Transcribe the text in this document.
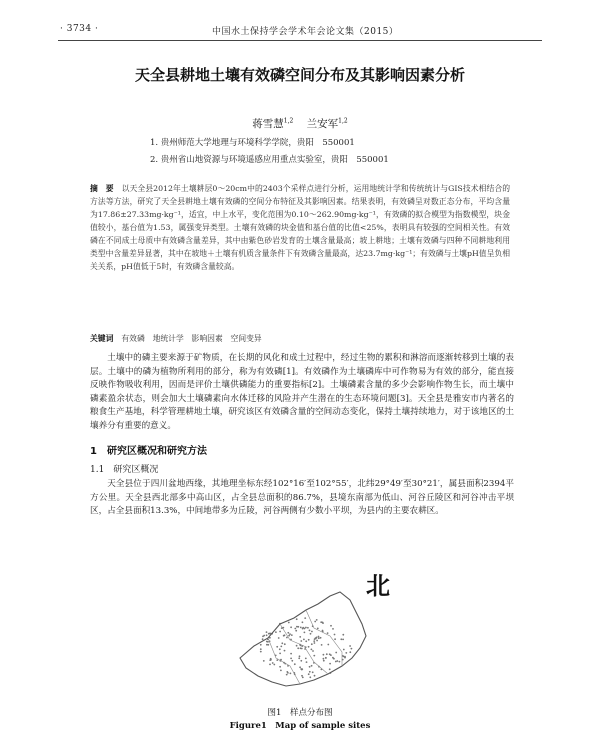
· 3734 ·	中国水土保持学会学术年会论文集（2015）
天全县耕地土壤有效磷空间分布及其影响因素分析
蒋雪慧$^{1,2}$ 兰安军$^{1,2}$
1. 贵州师范大学地理与环境科学学院，贵阳　550001
2. 贵州省山地资源与环境遥感应用重点实验室，贵阳　550001
摘　要 以天全县2012年土壤耕层0～20cm中的2403个采样点进行分析，运用地统计学和传统统计与GIS技术相结合的方法等方法，研究了天全县耕地土壤有效磷的空间分布特征及其影响因素。结果表明，有效磷呈对数正态分布，平均含量为17.86±27.33mg·kg⁻¹，适宜，中上水平，变化范围为0.10～262.90mg·kg⁻¹，有效磷的拟合模型为指数模型，块金值较小，基台值为1.53，属强变异类型。土壤有效磷的块金值和基台值的比值<25%，表明具有较强的空间相关性。有效磷在不同成土母质中有效磷含量差异，其中由紫色砂岩发育的土壤含量最高；坡上耕地；土壤有效磷与四种不同耕地利用类型中含量差异显著，其中在坡地＋土壤有机质含量条件下有效磷含量最高，达23.7mg·kg⁻¹；有效磷与土壤pH值呈负相关关系，pH值低于5时，有效磷含量较高。
关键词 有效磷　地统计学　影响因素　空间变异
土壤中的磷主要来源于矿物质，在长期的风化和成土过程中，经过生物的累积和淋溶而逐渐转移到土壤的表层。土壤中的磷为植物所利用的部分，称为有效磷[1]。有效磷作为土壤磷库中可作物易为有效的部分，能直接反映作物吸收利用，因而是评价土壤供磷能力的重要指标[2]。土壤磷素含量的多少会影响作物生长，而土壤中磷素盈余状态，则会加大土壤磷素向水体迁移的风险并产生潜在的生态环境问题[3]。天全县是雅安市内著名的粮食生产基地，科学管理耕地土壤，研究该区有效磷含量的空间动态变化，保持土壤持续地力，对于该地区的土壤养分有重要的意义。
1　研究区概况和研究方法
1.1　研究区概况
天全县位于四川盆地西缘，其地理坐标东经102°16′至102°55′，北纬29°49′至30°21′，属县面积2394平方公里。天全县西北部多中高山区，占全县总面积的86.7%，县境东南部为低山、河谷丘陵区和河谷冲击平坝区，占全县面积13.3%，中间地带多为丘陵，河谷两侧有少数小平坝，为县内的主要农耕区。
北
图1　样点分布图
Figure1　Map of sample sites
